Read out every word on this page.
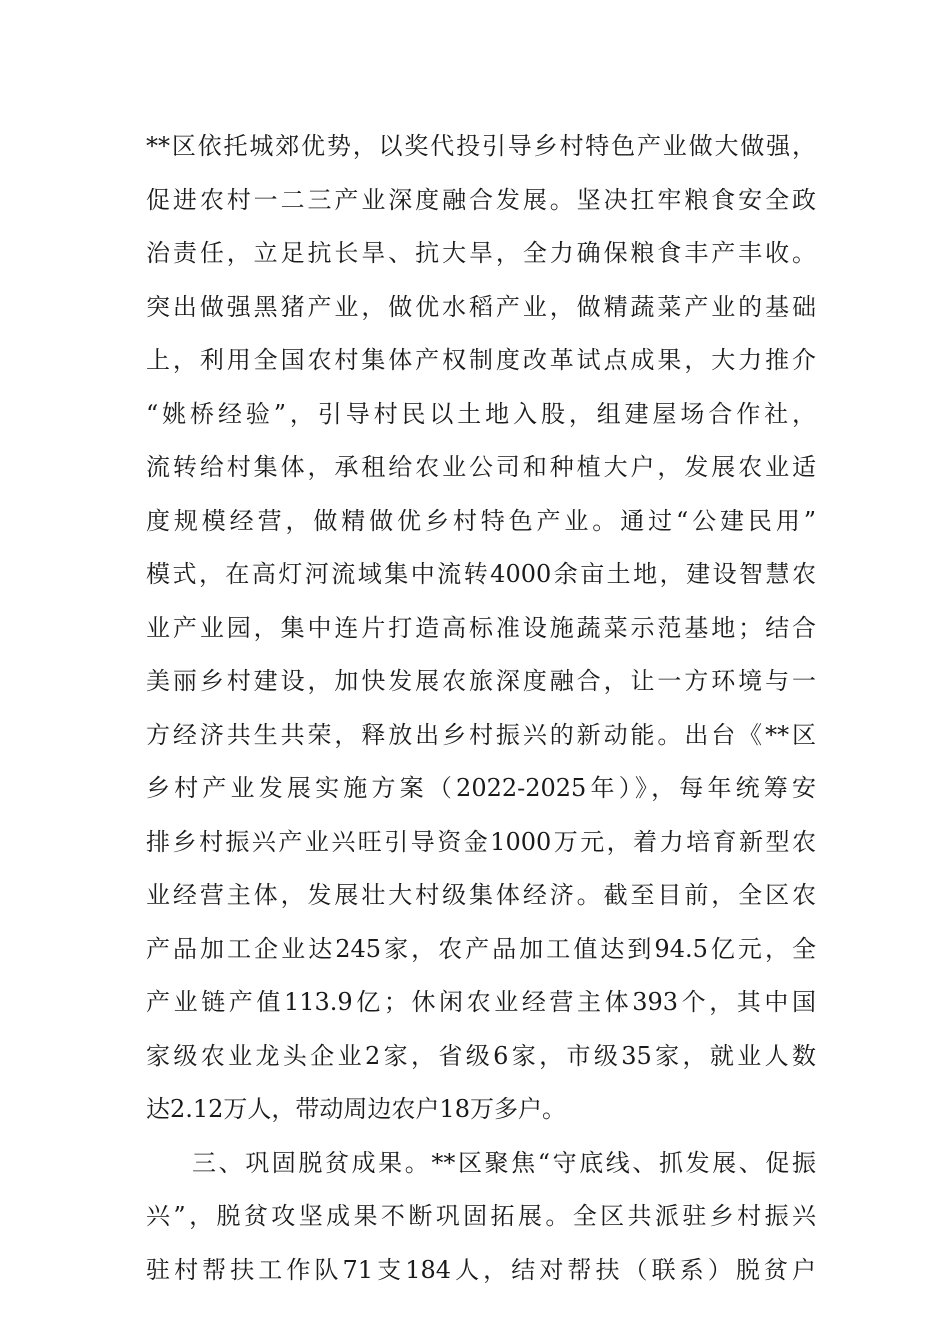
**区依托城郊优势，以奖代投引导乡村特色产业做大做强，
促进农村一二三产业深度融合发展。坚决扛牢粮食安全政
治责任，立足抗长旱、抗大旱，全力确保粮食丰产丰收。
突出做强黑猪产业，做优水稻产业，做精蔬菜产业的基础
上，利用全国农村集体产权制度改革试点成果，大力推介
“姚桥经验”，引导村民以土地入股，组建屋场合作社，
流转给村集体，承租给农业公司和种植大户，发展农业适
度规模经营，做精做优乡村特色产业。通过“公建民用”
模式，在高灯河流域集中流转4000余亩土地，建设智慧农
业产业园，集中连片打造高标准设施蔬菜示范基地；结合
美丽乡村建设，加快发展农旅深度融合，让一方环境与一
方经济共生共荣，释放出乡村振兴的新动能。出台《**区
乡村产业发展实施方案（2022-2025年）》，每年统筹安
排乡村振兴产业兴旺引导资金1000万元，着力培育新型农
业经营主体，发展壮大村级集体经济。截至目前，全区农
产品加工企业达245家，农产品加工值达到94.5亿元，全
产业链产值113.9亿；休闲农业经营主体393个，其中国
家级农业龙头企业2家，省级6家，市级35家，就业人数
达2.12万人，带动周边农户18万多户。
三、巩固脱贫成果。**区聚焦“守底线、抓发展、促振
兴”，脱贫攻坚成果不断巩固拓展。全区共派驻乡村振兴
驻村帮扶工作队71支184人，结对帮扶（联系）脱贫户
